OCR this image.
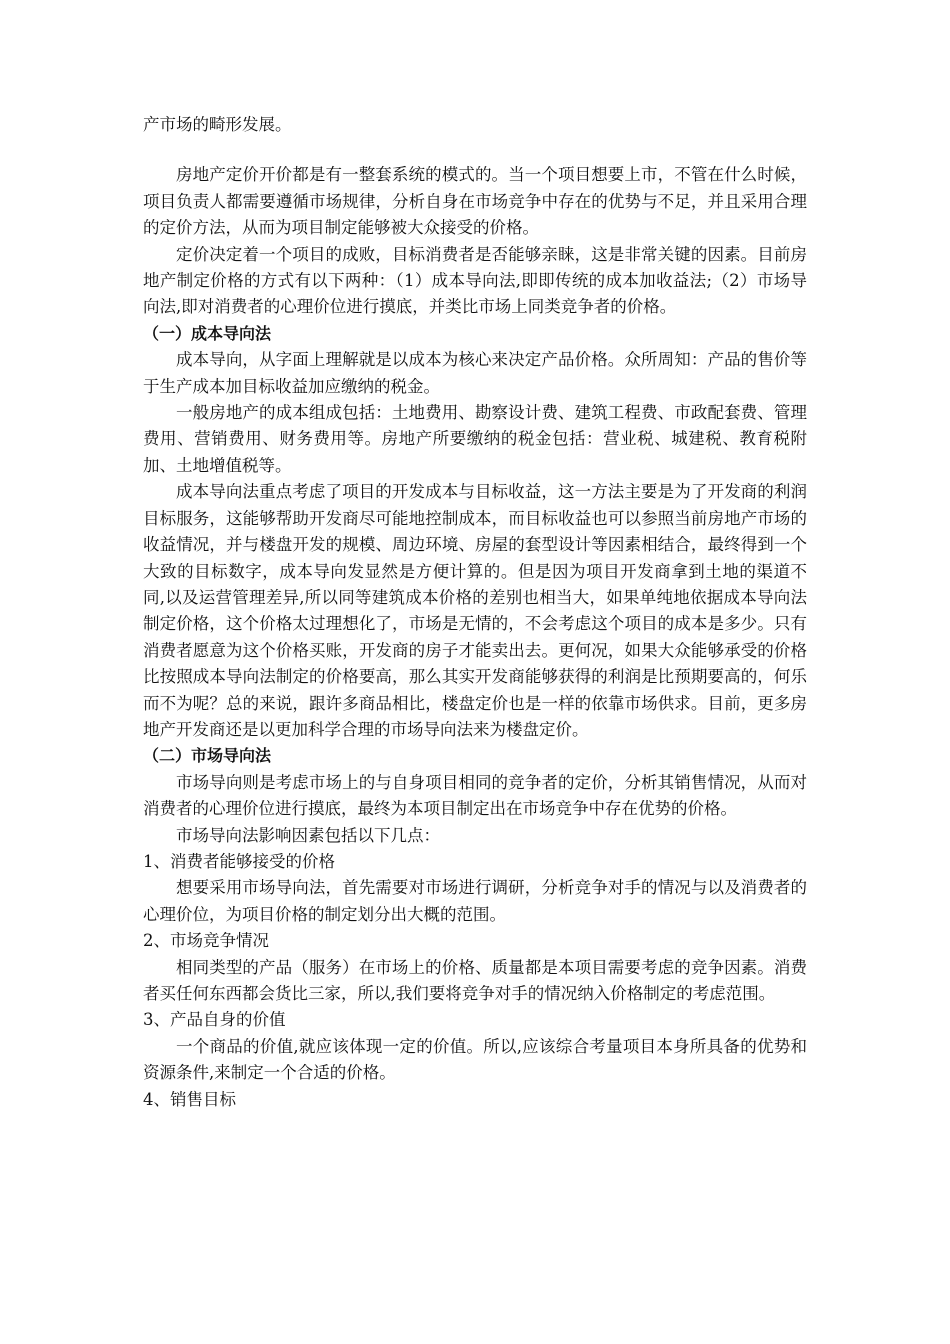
产市场的畸形发展。

房地产定价开价都是有一整套系统的模式的。当一个项目想要上市，不管在什么时候，项目负责人都需要遵循市场规律，分析自身在市场竞争中存在的优势与不足，并且采用合理的定价方法，从而为项目制定能够被大众接受的价格。

定价决定着一个项目的成败，目标消费者是否能够亲睐，这是非常关键的因素。目前房地产制定价格的方式有以下两种：（1）成本导向法,即即传统的成本加收益法;（2）市场导向法,即对消费者的心理价位进行摸底，并类比市场上同类竞争者的价格。

（一）成本导向法

成本导向，从字面上理解就是以成本为核心来决定产品价格。众所周知：产品的售价等于生产成本加目标收益加应缴纳的税金。

一般房地产的成本组成包括：土地费用、勘察设计费、建筑工程费、市政配套费、管理费用、营销费用、财务费用等。房地产所要缴纳的税金包括：营业税、城建税、教育税附加、土地增值税等。

成本导向法重点考虑了项目的开发成本与目标收益，这一方法主要是为了开发商的利润目标服务，这能够帮助开发商尽可能地控制成本，而目标收益也可以参照当前房地产市场的收益情况，并与楼盘开发的规模、周边环境、房屋的套型设计等因素相结合，最终得到一个大致的目标数字，成本导向发显然是方便计算的。但是因为项目开发商拿到土地的渠道不同,以及运营管理差异,所以同等建筑成本价格的差别也相当大，如果单纯地依据成本导向法制定价格，这个价格太过理想化了，市场是无情的，不会考虑这个项目的成本是多少。只有消费者愿意为这个价格买账，开发商的房子才能卖出去。更何况，如果大众能够承受的价格比按照成本导向法制定的价格要高，那么其实开发商能够获得的利润是比预期要高的，何乐而不为呢？总的来说，跟许多商品相比，楼盘定价也是一样的依靠市场供求。目前，更多房地产开发商还是以更加科学合理的市场导向法来为楼盘定价。

（二）市场导向法

市场导向则是考虑市场上的与自身项目相同的竞争者的定价，分析其销售情况，从而对消费者的心理价位进行摸底，最终为本项目制定出在市场竞争中存在优势的价格。

市场导向法影响因素包括以下几点：

1、消费者能够接受的价格

想要采用市场导向法，首先需要对市场进行调研，分析竞争对手的情况与以及消费者的心理价位，为项目价格的制定划分出大概的范围。

2、市场竞争情况

相同类型的产品（服务）在市场上的价格、质量都是本项目需要考虑的竞争因素。消费者买任何东西都会货比三家，所以,我们要将竞争对手的情况纳入价格制定的考虑范围。

3、产品自身的价值

一个商品的价值,就应该体现一定的价值。所以,应该综合考量项目本身所具备的优势和资源条件,来制定一个合适的价格。

4、销售目标
